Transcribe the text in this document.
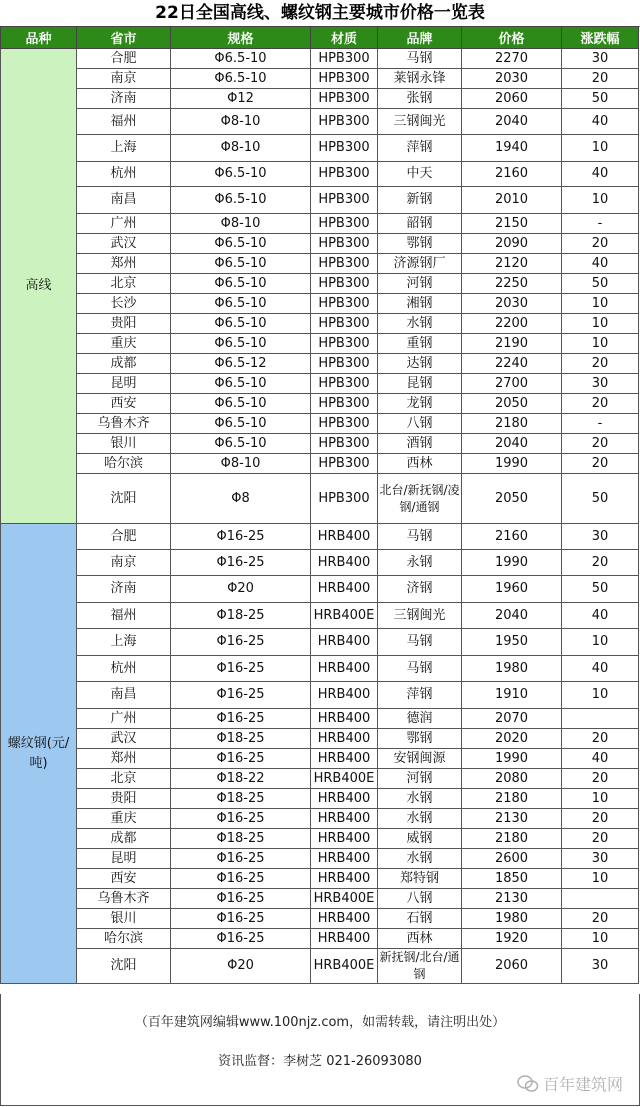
22日全国高线、螺纹钢主要城市价格一览表
品种	省市	规格	材质	品牌	价格	涨跌幅
高线	合肥	Φ6.5-10	HPB300	马钢	2270	30
	南京	Φ6.5-10	HPB300	莱钢永锋	2030	20
	济南	Φ12	HPB300	张钢	2060	50
	福州	Φ8-10	HPB300	三钢闽光	2040	40
	上海	Φ8-10	HPB300	萍钢	1940	10
	杭州	Φ6.5-10	HPB300	中天	2160	40
	南昌	Φ6.5-10	HPB300	新钢	2010	10
	广州	Φ8-10	HPB300	韶钢	2150	-
	武汉	Φ6.5-10	HPB300	鄂钢	2090	20
	郑州	Φ6.5-10	HPB300	济源钢厂	2120	40
	北京	Φ6.5-10	HPB300	河钢	2250	50
	长沙	Φ6.5-10	HPB300	湘钢	2030	10
	贵阳	Φ6.5-10	HPB300	水钢	2200	10
	重庆	Φ6.5-10	HPB300	重钢	2190	10
	成都	Φ6.5-12	HPB300	达钢	2240	20
	昆明	Φ6.5-10	HPB300	昆钢	2700	30
	西安	Φ6.5-10	HPB300	龙钢	2050	20
	乌鲁木齐	Φ6.5-10	HPB300	八钢	2180	-
	银川	Φ6.5-10	HPB300	酒钢	2040	20
	哈尔滨	Φ8-10	HPB300	西林	1990	20
	沈阳	Φ8	HPB300	北台/新抚钢/凌钢/通钢	2050	50
螺纹钢(元/吨)	合肥	Φ16-25	HRB400	马钢	2160	30
	南京	Φ16-25	HRB400	永钢	1990	20
	济南	Φ20	HRB400	济钢	1960	50
	福州	Φ18-25	HRB400E	三钢闽光	2040	40
	上海	Φ16-25	HRB400	马钢	1950	10
	杭州	Φ16-25	HRB400	马钢	1980	40
	南昌	Φ16-25	HRB400	萍钢	1910	10
	广州	Φ16-25	HRB400	德润	2070	
	武汉	Φ18-25	HRB400	鄂钢	2020	20
	郑州	Φ16-25	HRB400	安钢闽源	1990	40
	北京	Φ18-22	HRB400E	河钢	2080	20
	贵阳	Φ18-25	HRB400	水钢	2180	10
	重庆	Φ16-25	HRB400	水钢	2130	20
	成都	Φ18-25	HRB400	威钢	2180	20
	昆明	Φ16-25	HRB400	水钢	2600	30
	西安	Φ16-25	HRB400	郑特钢	1850	10
	乌鲁木齐	Φ16-25	HRB400E	八钢	2130	
	银川	Φ16-25	HRB400	石钢	1980	20
	哈尔滨	Φ16-25	HRB400	西林	1920	10
	沈阳	Φ20	HRB400E	新抚钢/北台/通钢	2060	30
（百年建筑网编辑www.100njz.com，如需转载，请注明出处）
资讯监督：李树芝 021-26093080
百年建筑网
